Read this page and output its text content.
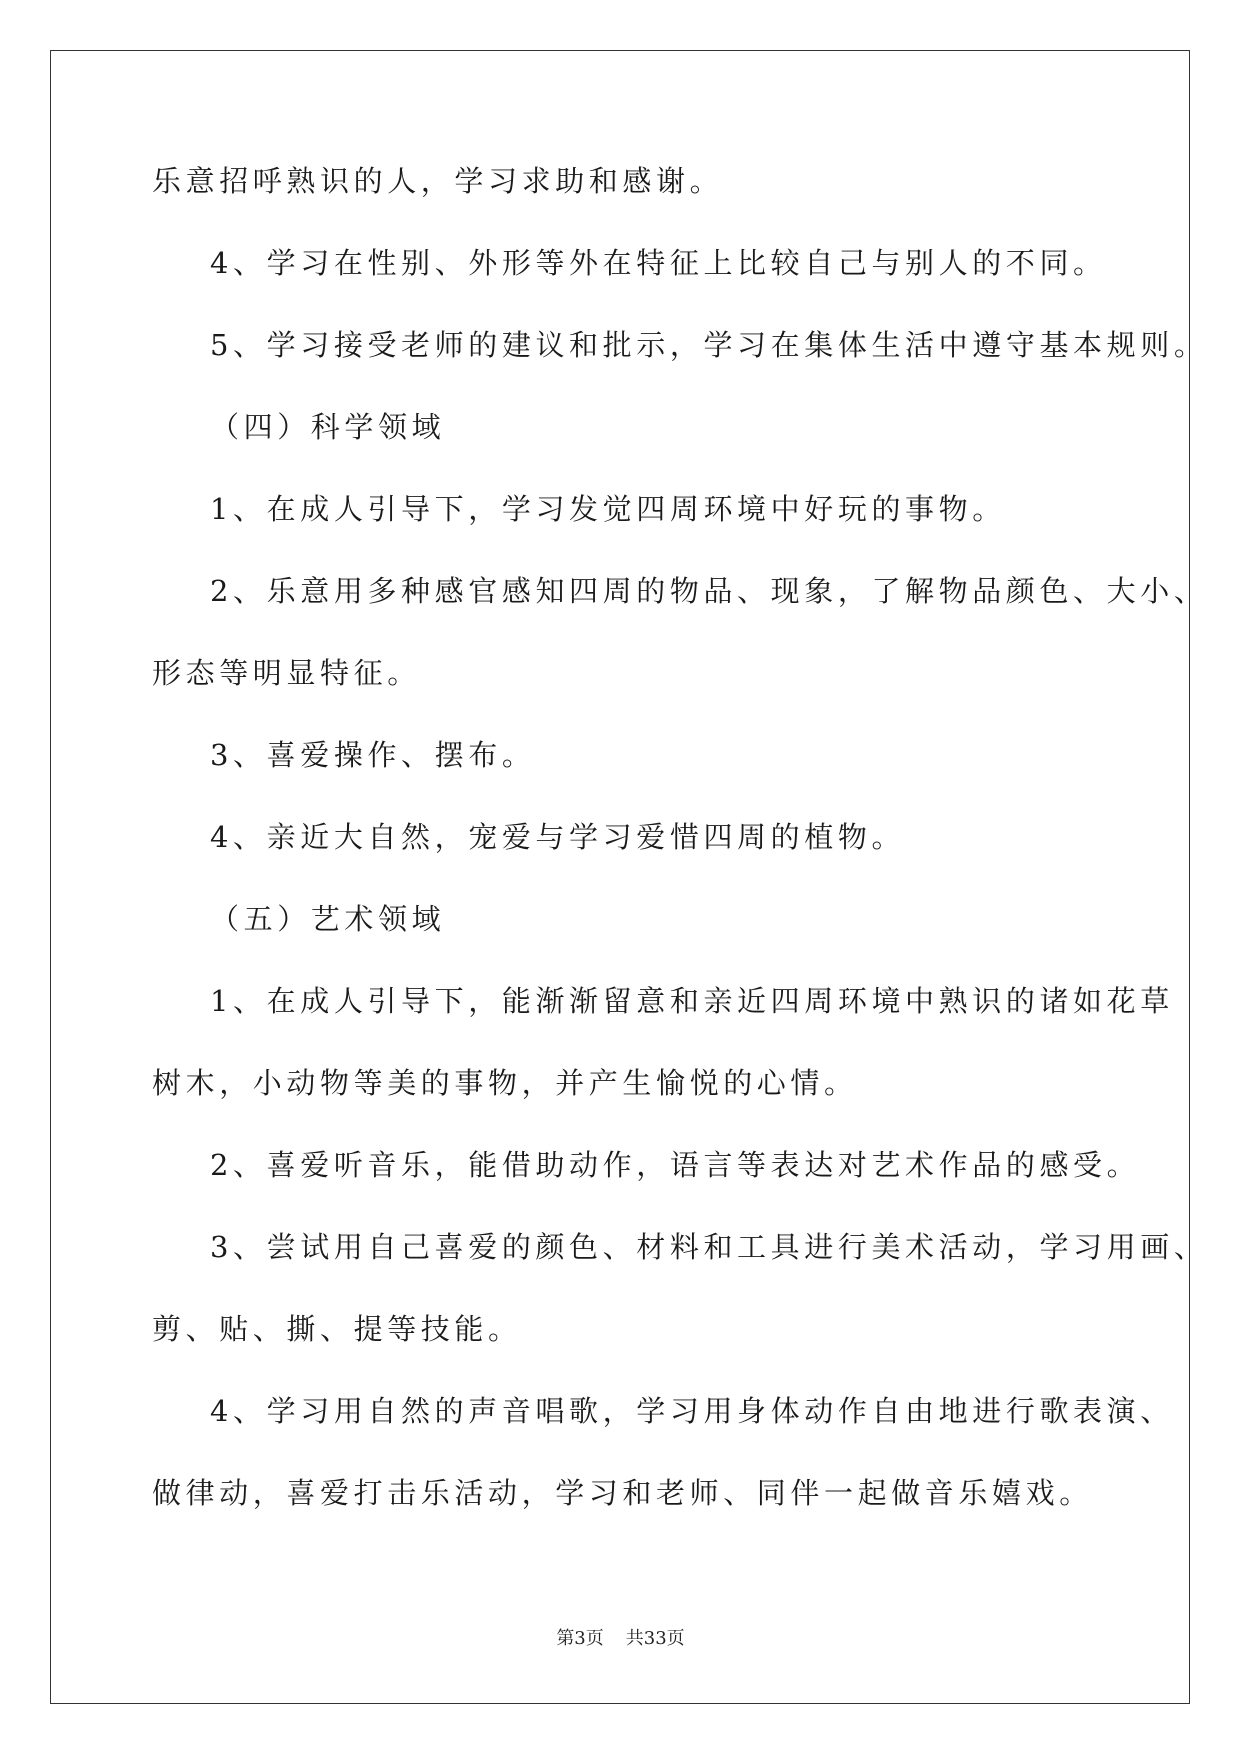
乐意招呼熟识的人，学习求助和感谢。
4、学习在性别、外形等外在特征上比较自己与别人的不同。
5、学习接受老师的建议和批示，学习在集体生活中遵守基本规则。
（四）科学领域
1、在成人引导下，学习发觉四周环境中好玩的事物。
2、乐意用多种感官感知四周的物品、现象，了解物品颜色、大小、
形态等明显特征。
3、喜爱操作、摆布。
4、亲近大自然，宠爱与学习爱惜四周的植物。
（五）艺术领域
1、在成人引导下，能渐渐留意和亲近四周环境中熟识的诸如花草
树木，小动物等美的事物，并产生愉悦的心情。
2、喜爱听音乐，能借助动作，语言等表达对艺术作品的感受。
3、尝试用自己喜爱的颜色、材料和工具进行美术活动，学习用画、
剪、贴、撕、提等技能。
4、学习用自然的声音唱歌，学习用身体动作自由地进行歌表演、
做律动，喜爱打击乐活动，学习和老师、同伴一起做音乐嬉戏。
第3页 共33页
